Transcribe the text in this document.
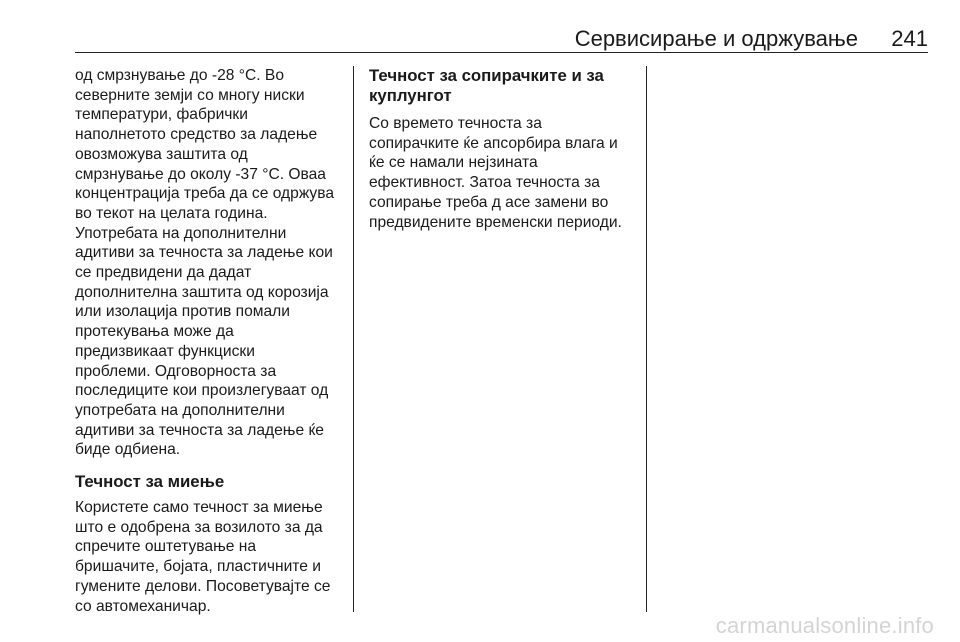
Сервисирање и одржување 241

од смрзнување до -28 °C. Во
северните земји со многу ниски
температури, фабрички
наполнетото средство за ладење
овозможува заштита од
смрзнување до околу -37 °C. Оваа
концентрација треба да се одржува
во текот на целата година.
Употребата на дополнителни
адитиви за течноста за ладење кои
се предвидени да дадат
дополнителна заштита од корозија
или изолација против помали
протекувања може да
предизвикаат функциски
проблеми. Одговорноста за
последиците кои произлегуваат од
употребата на дополнителни
адитиви за течноста за ладење ќе
биде одбиена.

Течност за миење

Користете само течност за миење
што е одобрена за возилото за да
спречите оштетување на
бришачите, бојата, пластичните и
гумените делови. Посоветувајте се
со автомеханичар.

Течност за сопирачките и за
куплунгот

Со времето течноста за
сопирачките ќе апсорбира влага и
ќе се намали нејзината
ефективност. Затоа течноста за
сопирање треба д асе замени во
предвидените временски периоди.

carmanualsonline.info
